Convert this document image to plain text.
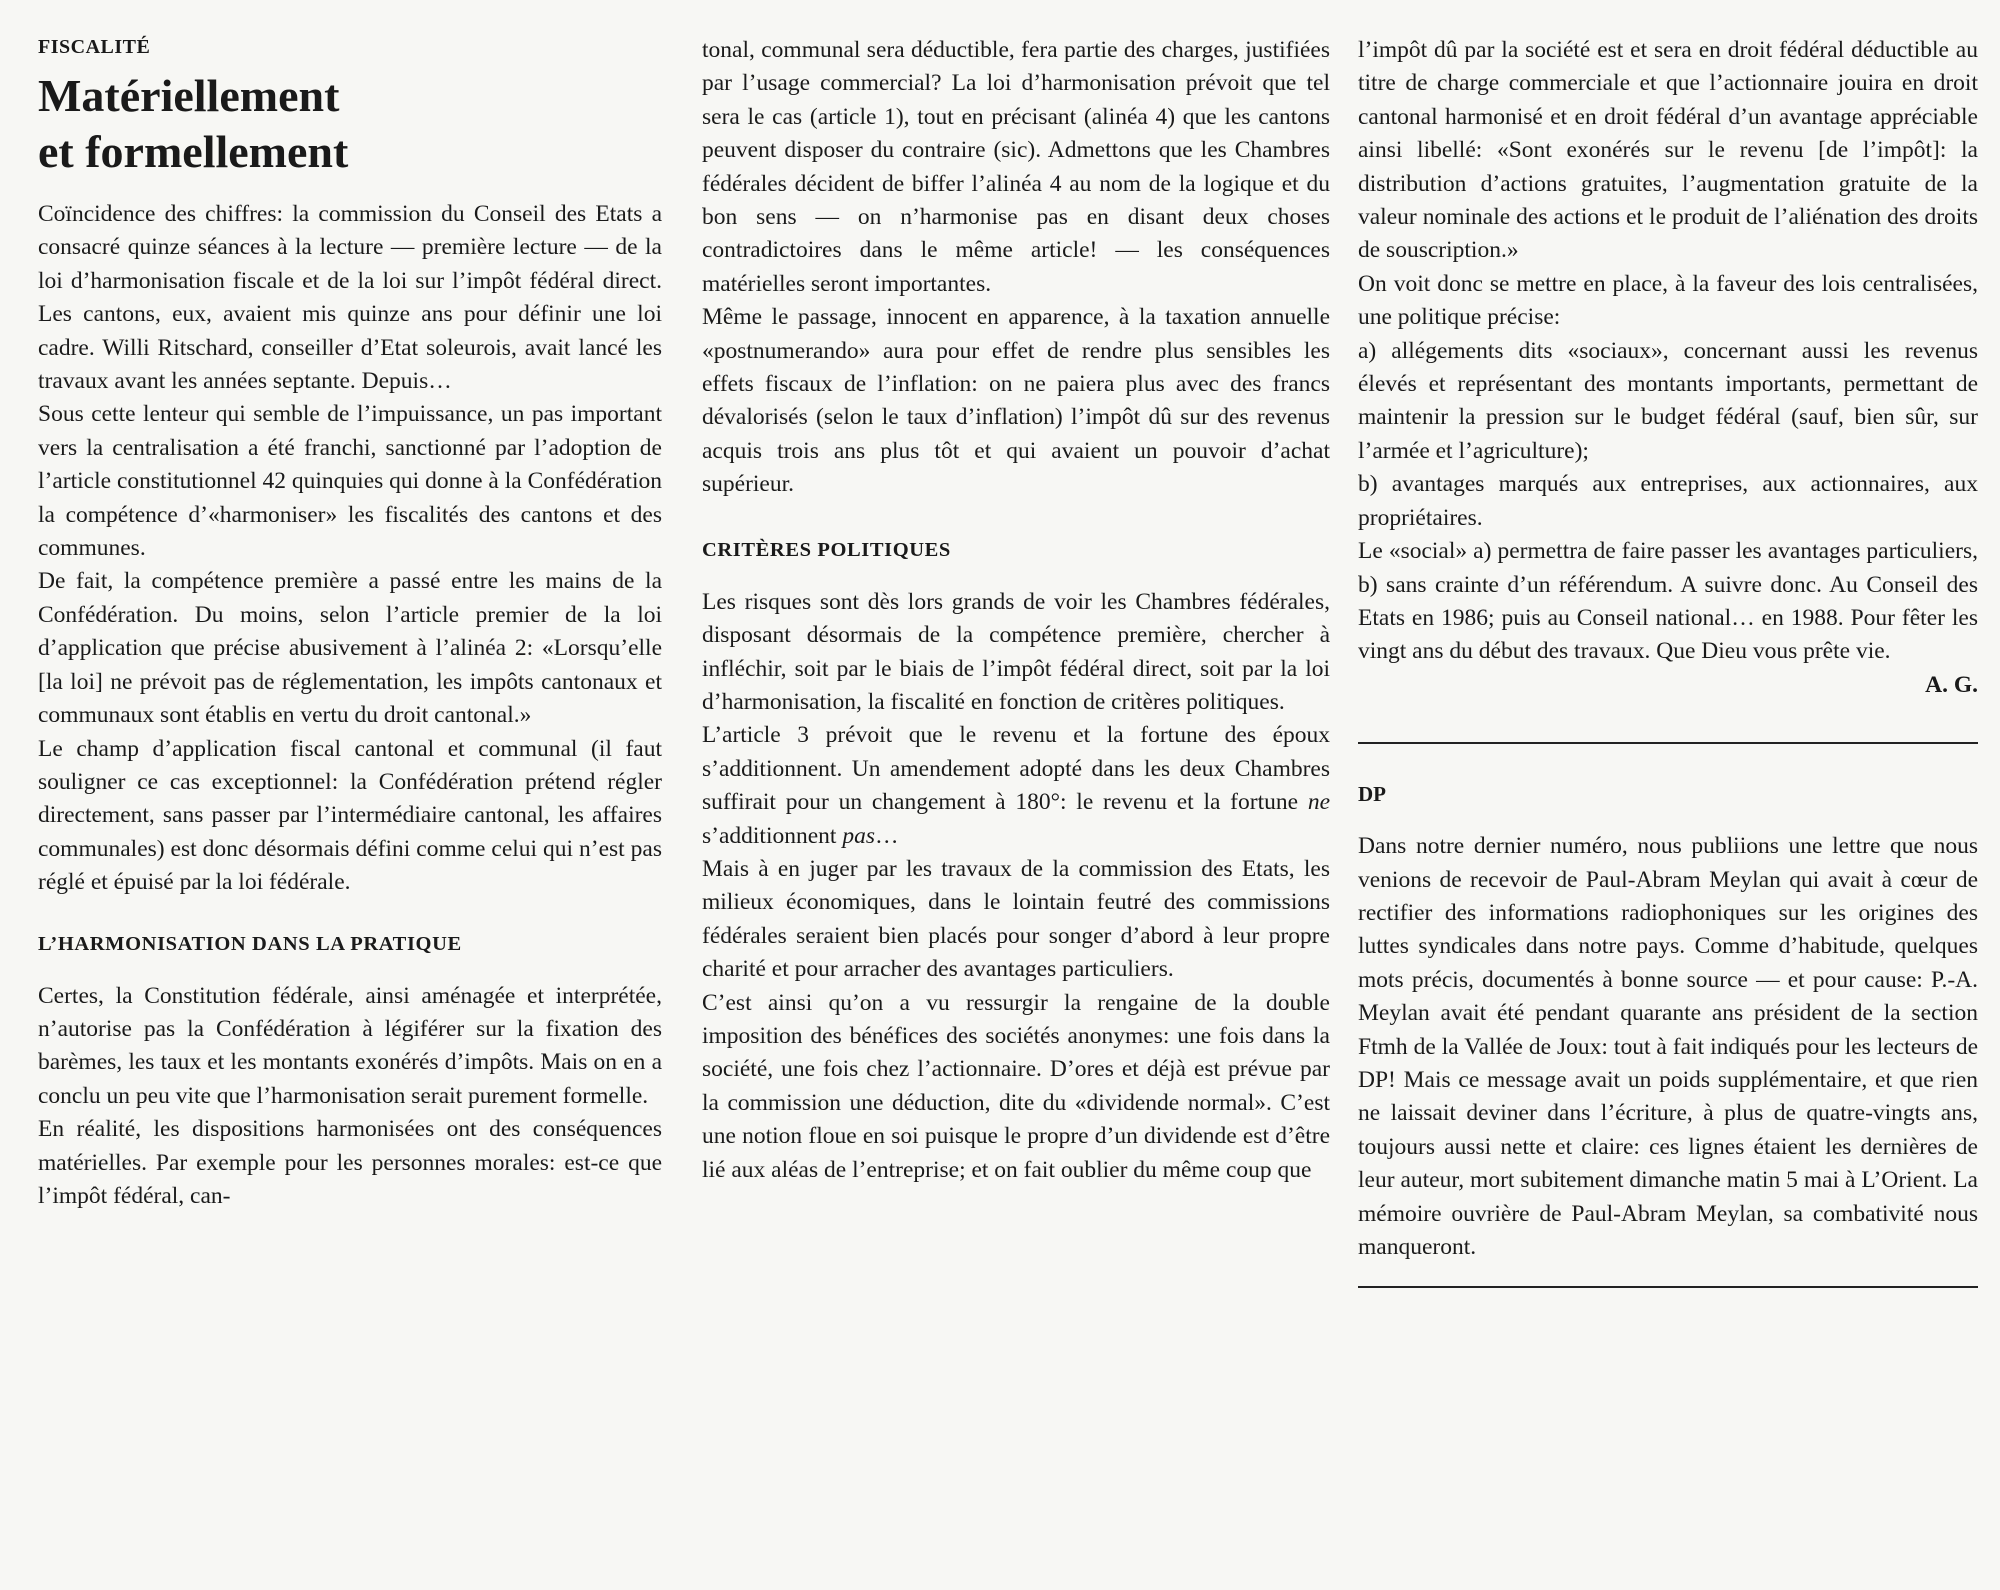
FISCALITÉ
Matériellement
et formellement

Coïncidence des chiffres: la commission du Conseil des Etats a consacré quinze séances à la lecture — première lecture — de la loi d’harmonisation fiscale et de la loi sur l’impôt fédéral direct. Les cantons, eux, avaient mis quinze ans pour définir une loi cadre. Willi Ritschard, conseiller d’Etat soleurois, avait lancé les travaux avant les années septante. Depuis…

Sous cette lenteur qui semble de l’impuissance, un pas important vers la centralisation a été franchi, sanctionné par l’adoption de l’article constitutionnel 42 quinquies qui donne à la Confédération la compétence d’«harmoniser» les fiscalités des cantons et des communes.

De fait, la compétence première a passé entre les mains de la Confédération. Du moins, selon l’article premier de la loi d’application que précise abusivement à l’alinéa 2: «Lorsqu’elle [la loi] ne prévoit pas de réglementation, les impôts cantonaux et communaux sont établis en vertu du droit cantonal.»

Le champ d’application fiscal cantonal et communal (il faut souligner ce cas exceptionnel: la Confédération prétend régler directement, sans passer par l’intermédiaire cantonal, les affaires communales) est donc désormais défini comme celui qui n’est pas réglé et épuisé par la loi fédérale.

L’HARMONISATION DANS LA PRATIQUE

Certes, la Constitution fédérale, ainsi aménagée et interprétée, n’autorise pas la Confédération à légiférer sur la fixation des barèmes, les taux et les montants exonérés d’impôts. Mais on en a conclu un peu vite que l’harmonisation serait purement formelle.

En réalité, les dispositions harmonisées ont des conséquences matérielles. Par exemple pour les personnes morales: est-ce que l’impôt fédéral, can-

tonal, communal sera déductible, fera partie des charges, justifiées par l’usage commercial? La loi d’harmonisation prévoit que tel sera le cas (article 1), tout en précisant (alinéa 4) que les cantons peuvent disposer du contraire (sic). Admettons que les Chambres fédérales décident de biffer l’alinéa 4 au nom de la logique et du bon sens — on n’harmonise pas en disant deux choses contradictoires dans le même article! — les conséquences matérielles seront importantes.

Même le passage, innocent en apparence, à la taxation annuelle «postnumerando» aura pour effet de rendre plus sensibles les effets fiscaux de l’inflation: on ne paiera plus avec des francs dévalorisés (selon le taux d’inflation) l’impôt dû sur des revenus acquis trois ans plus tôt et qui avaient un pouvoir d’achat supérieur.

CRITÈRES POLITIQUES

Les risques sont dès lors grands de voir les Chambres fédérales, disposant désormais de la compétence première, chercher à infléchir, soit par le biais de l’impôt fédéral direct, soit par la loi d’harmonisation, la fiscalité en fonction de critères politiques.

L’article 3 prévoit que le revenu et la fortune des époux s’additionnent. Un amendement adopté dans les deux Chambres suffirait pour un changement à 180°: le revenu et la fortune ne s’additionnent pas…

Mais à en juger par les travaux de la commission des Etats, les milieux économiques, dans le lointain feutré des commissions fédérales seraient bien placés pour songer d’abord à leur propre charité et pour arracher des avantages particuliers.

C’est ainsi qu’on a vu ressurgir la rengaine de la double imposition des bénéfices des sociétés anonymes: une fois dans la société, une fois chez l’actionnaire. D’ores et déjà est prévue par la commission une déduction, dite du «dividende normal». C’est une notion floue en soi puisque le propre d’un dividende est d’être lié aux aléas de l’entreprise; et on fait oublier du même coup que

l’impôt dû par la société est et sera en droit fédéral déductible au titre de charge commerciale et que l’actionnaire jouira en droit cantonal harmonisé et en droit fédéral d’un avantage appréciable ainsi libellé: «Sont exonérés sur le revenu [de l’impôt]: la distribution d’actions gratuites, l’augmentation gratuite de la valeur nominale des actions et le produit de l’aliénation des droits de souscription.»

On voit donc se mettre en place, à la faveur des lois centralisées, une politique précise:

a) allégements dits «sociaux», concernant aussi les revenus élevés et représentant des montants importants, permettant de maintenir la pression sur le budget fédéral (sauf, bien sûr, sur l’armée et l’agriculture);

b) avantages marqués aux entreprises, aux actionnaires, aux propriétaires.

Le «social» a) permettra de faire passer les avantages particuliers, b) sans crainte d’un référendum. A suivre donc. Au Conseil des Etats en 1986; puis au Conseil national… en 1988. Pour fêter les vingt ans du début des travaux. Que Dieu vous prête vie.

A. G.

DP

Dans notre dernier numéro, nous publiions une lettre que nous venions de recevoir de Paul-Abram Meylan qui avait à cœur de rectifier des informations radiophoniques sur les origines des luttes syndicales dans notre pays. Comme d’habitude, quelques mots précis, documentés à bonne source — et pour cause: P.-A. Meylan avait été pendant quarante ans président de la section Ftmh de la Vallée de Joux: tout à fait indiqués pour les lecteurs de DP! Mais ce message avait un poids supplémentaire, et que rien ne laissait deviner dans l’écriture, à plus de quatre-vingts ans, toujours aussi nette et claire: ces lignes étaient les dernières de leur auteur, mort subitement dimanche matin 5 mai à L’Orient. La mémoire ouvrière de Paul-Abram Meylan, sa combativité nous manqueront.
